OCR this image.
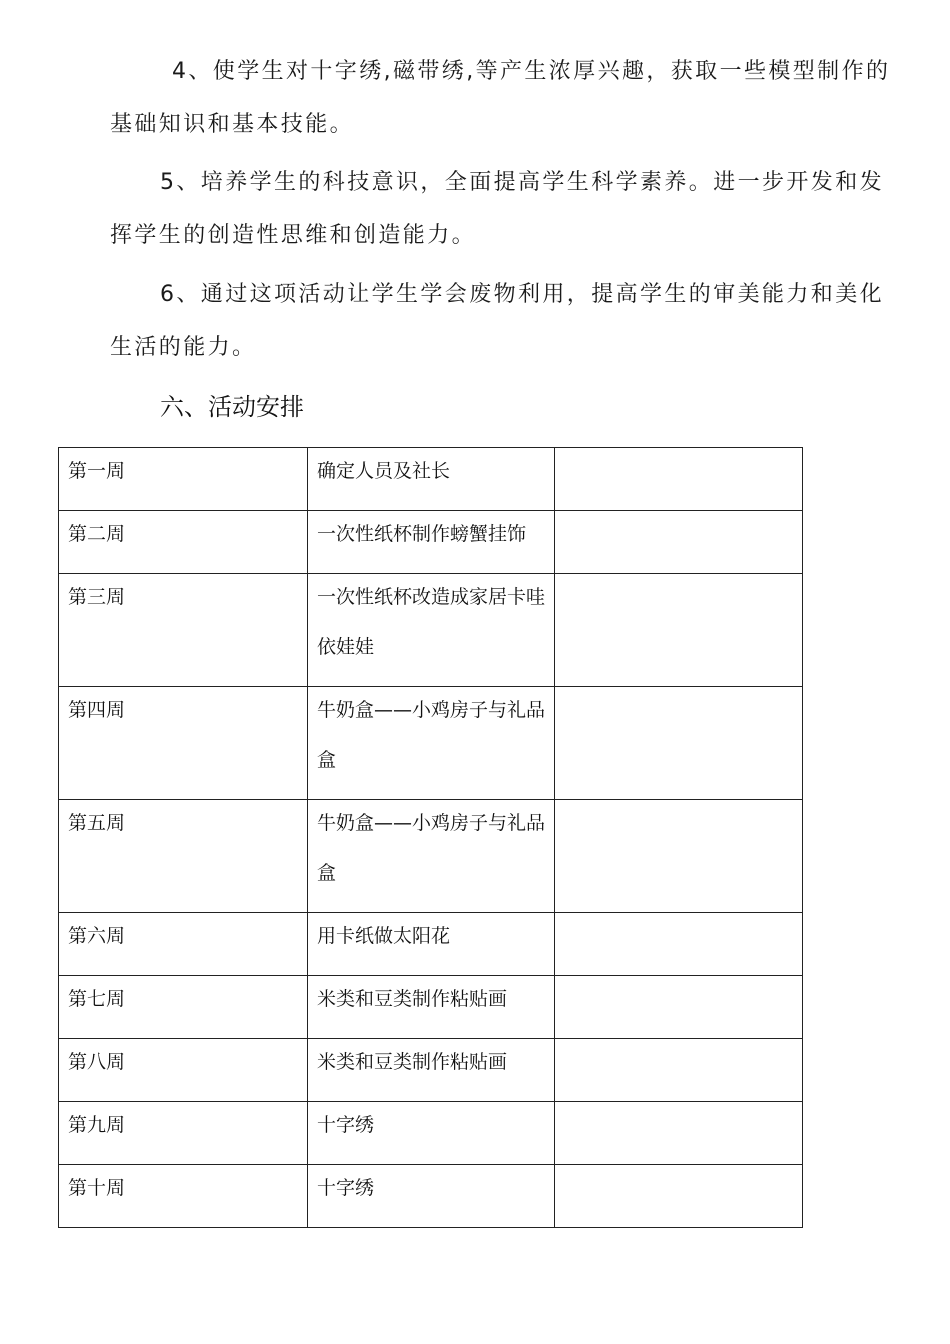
4、使学生对十字绣,磁带绣,等产生浓厚兴趣，获取一些模型制作的基础知识和基本技能。

5、培养学生的科技意识，全面提高学生科学素养。进一步开发和发挥学生的创造性思维和创造能力。

6、通过这项活动让学生学会废物利用，提高学生的审美能力和美化生活的能力。

六、活动安排
第一周	确定人员及社长	

第二周	一次性纸杯制作螃蟹挂饰	

第三周	一次性纸杯改造成家居卡哇依娃娃	

第四周	牛奶盒——小鸡房子与礼品盒	

第五周	牛奶盒——小鸡房子与礼品盒	

第六周	用卡纸做太阳花	

第七周	米类和豆类制作粘贴画	

第八周	米类和豆类制作粘贴画	

第九周	十字绣	

第十周	十字绣	
